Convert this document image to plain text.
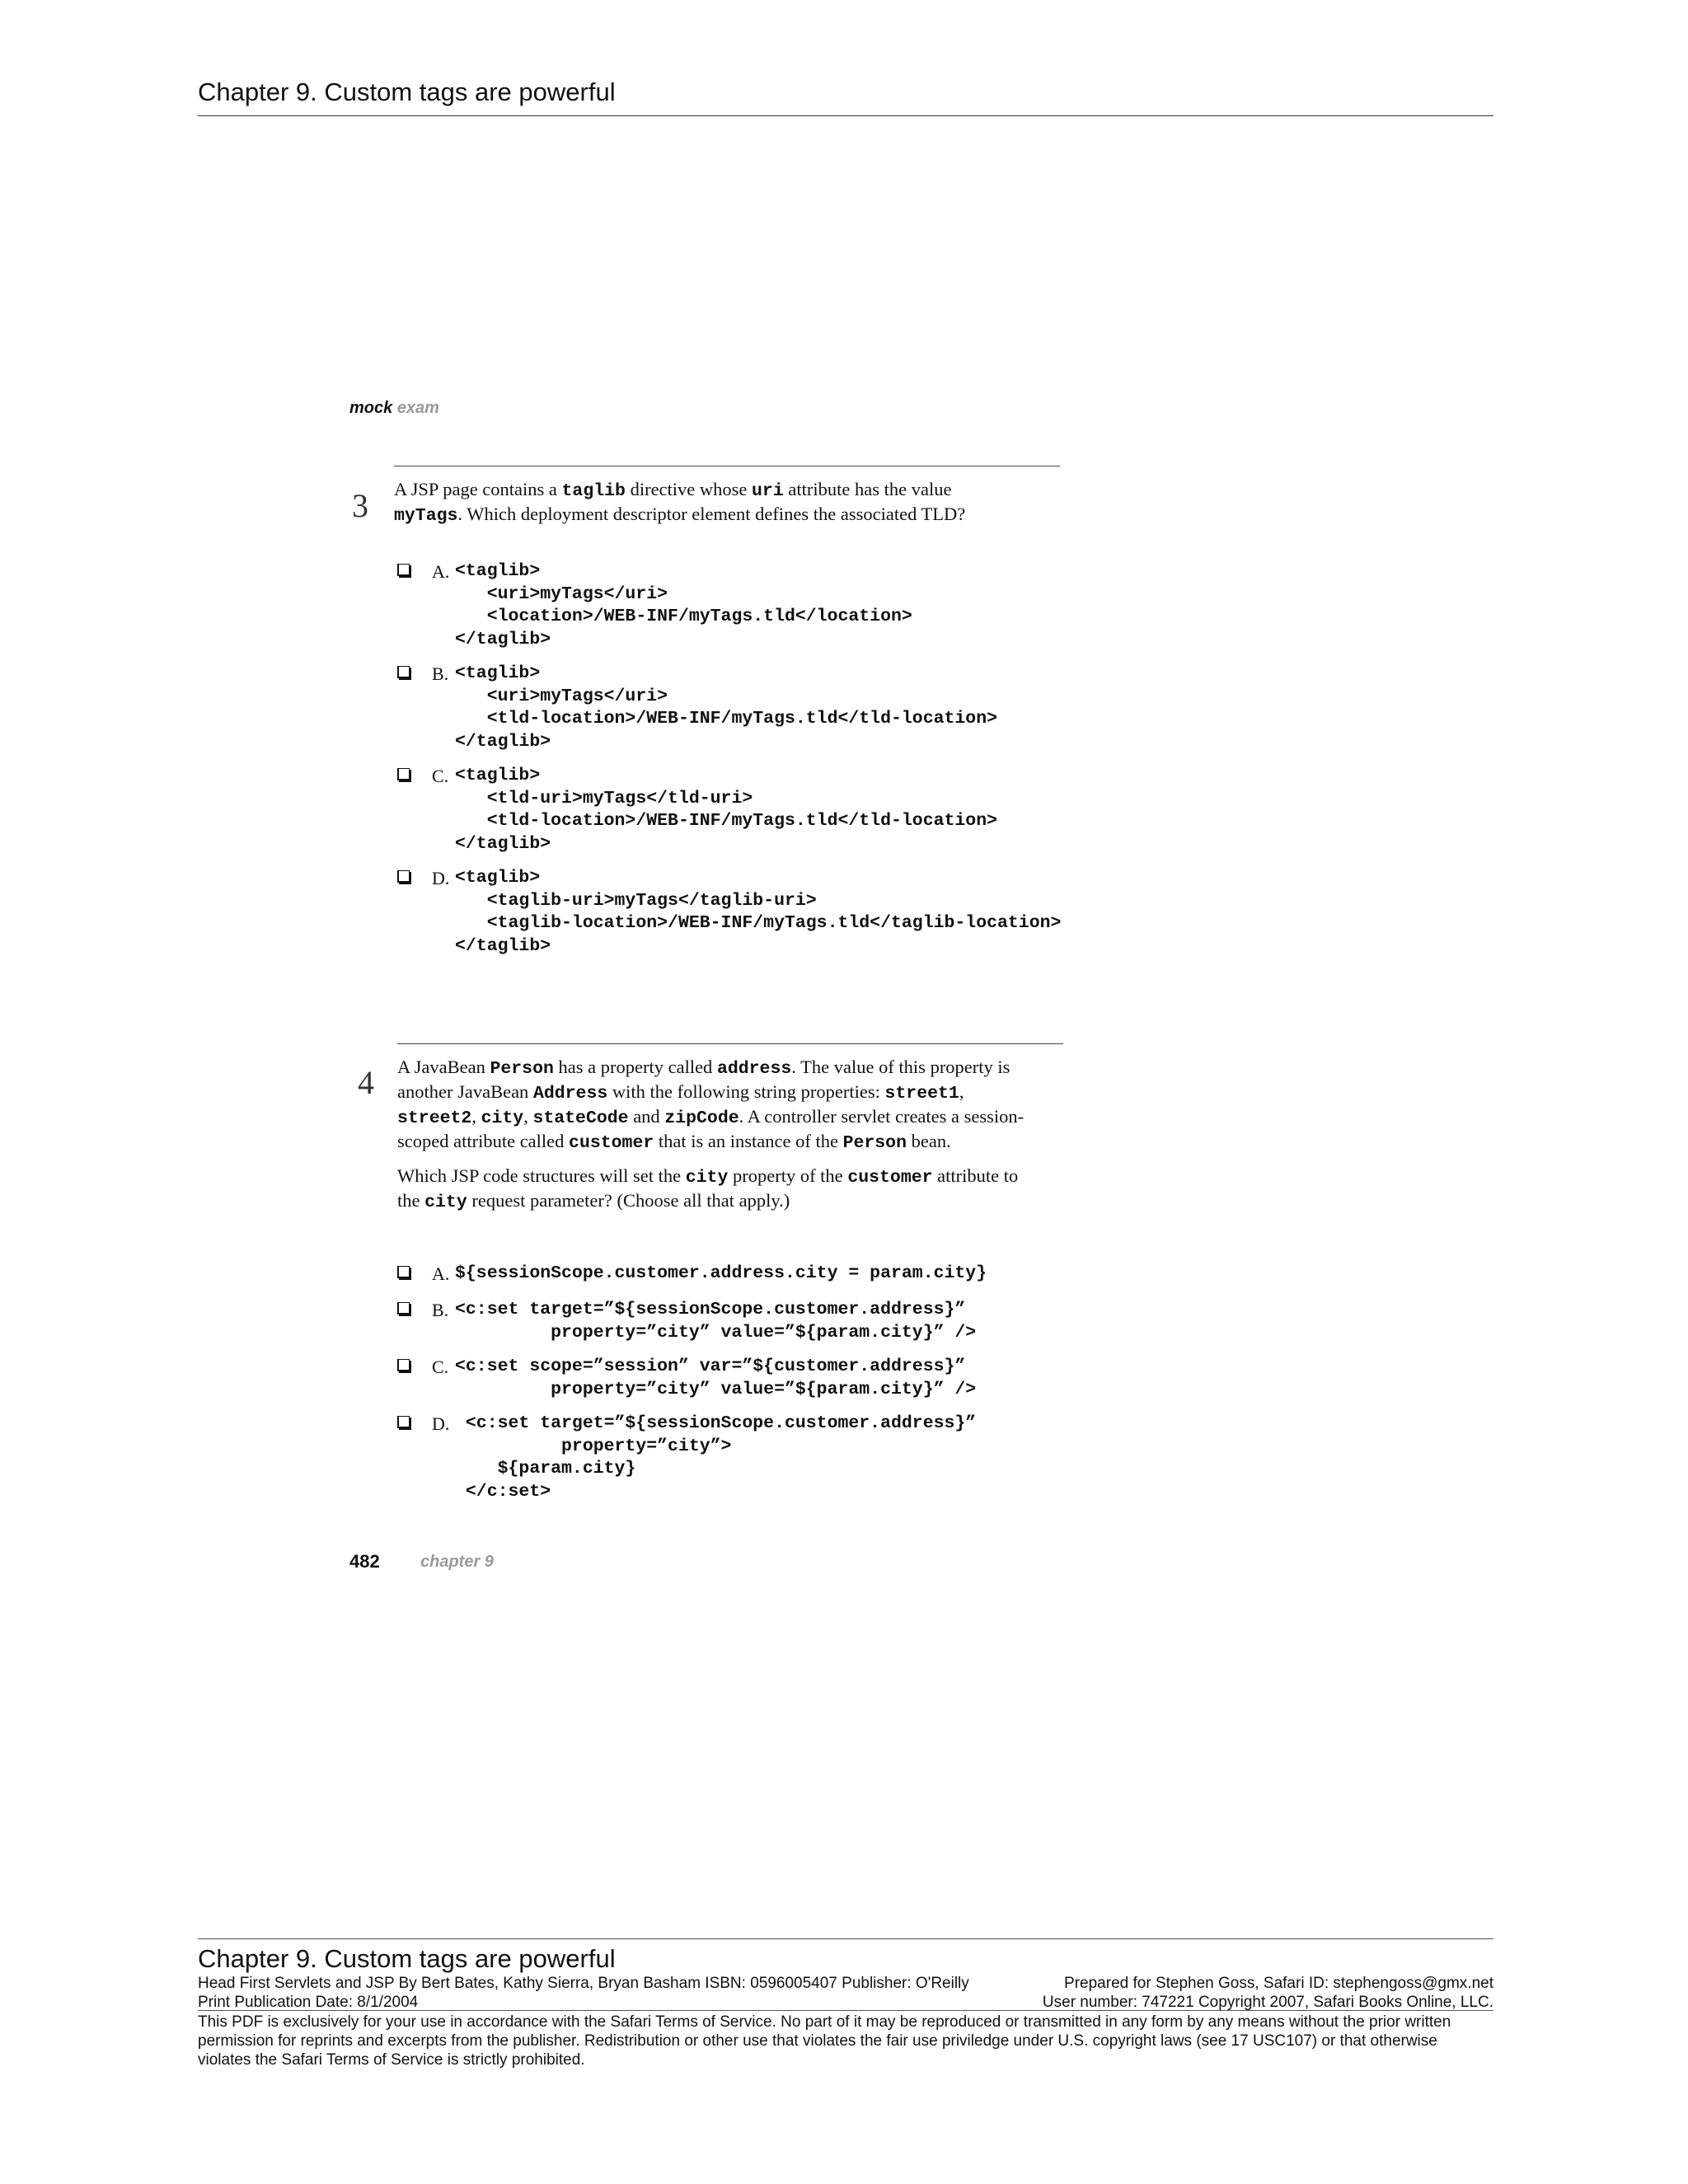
Chapter 9. Custom tags are powerful
mock exam
3 A JSP page contains a taglib directive whose uri attribute has the value myTags. Which deployment descriptor element defines the associated TLD?

A. <taglib>
<uri>myTags</uri>
<location>/WEB-INF/myTags.tld</location>
</taglib>
B. <taglib>
<uri>myTags</uri>
<tld-location>/WEB-INF/myTags.tld</tld-location>
</taglib>
C. <taglib>
<tld-uri>myTags</tld-uri>
<tld-location>/WEB-INF/myTags.tld</tld-location>
</taglib>
D. <taglib>
<taglib-uri>myTags</taglib-uri>
<taglib-location>/WEB-INF/myTags.tld</taglib-location>
</taglib>
4 A JavaBean Person has a property called address. The value of this property is another JavaBean Address with the following string properties: street1, street2, city, stateCode and zipCode. A controller servlet creates a session-scoped attribute called customer that is an instance of the Person bean.

Which JSP code structures will set the city property of the customer attribute to the city request parameter? (Choose all that apply.)

A. ${sessionScope.customer.address.city = param.city}
B. <c:set target=”${sessionScope.customer.address}”
property=”city” value=”${param.city}” />
C. <c:set scope=”session” var=”${customer.address}”
property=”city” value=”${param.city}” />
D. <c:set target=”${sessionScope.customer.address}”
property=”city”>
${param.city}
</c:set>
482 chapter 9
Chapter 9. Custom tags are powerful
Head First Servlets and JSP By Bert Bates, Kathy Sierra, Bryan Basham ISBN: 0596005407 Publisher: O'Reilly	Prepared for Stephen Goss, Safari ID: stephengoss@gmx.net
Print Publication Date: 8/1/2004	User number: 747221 Copyright 2007, Safari Books Online, LLC.

This PDF is exclusively for your use in accordance with the Safari Terms of Service. No part of it may be reproduced or transmitted in any form by any means without the prior written permission for reprints and excerpts from the publisher. Redistribution or other use that violates the fair use priviledge under U.S. copyright laws (see 17 USC107) or that otherwise violates the Safari Terms of Service is strictly prohibited.
